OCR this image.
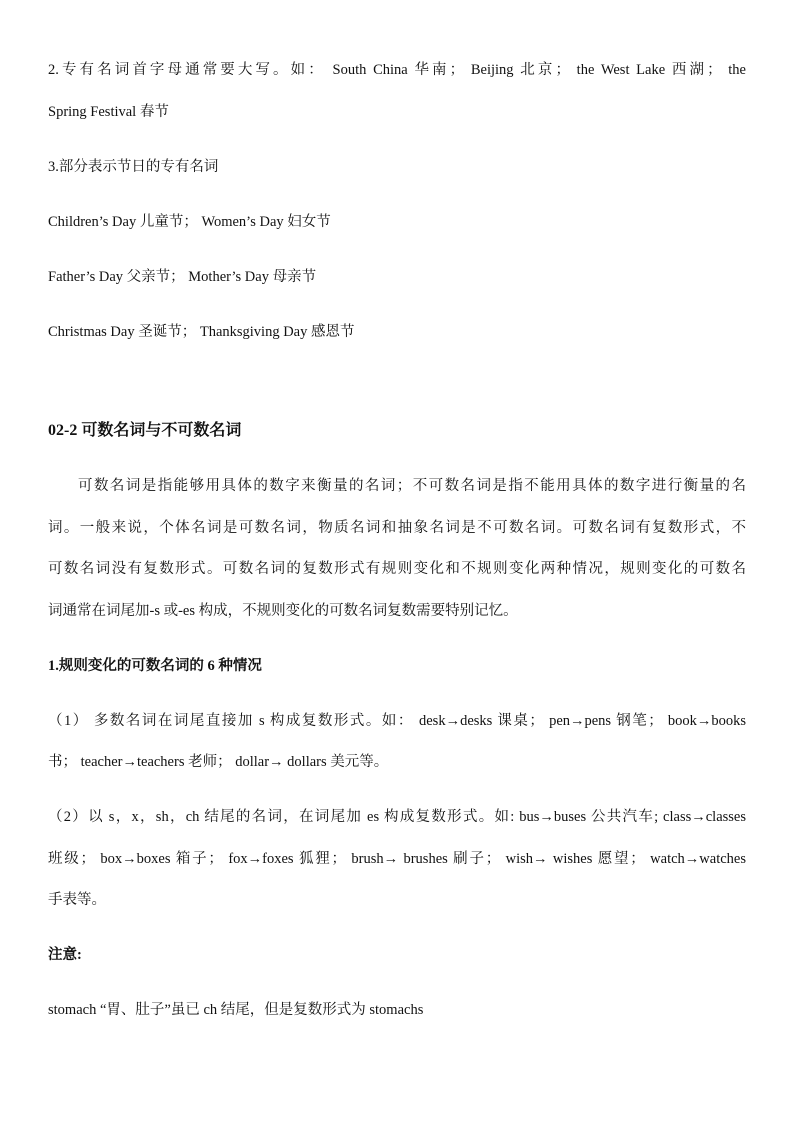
2.专有名词首字母通常要大写。如： South China 华南； Beijing 北京； the West Lake 西湖； the
Spring Festival 春节
3.部分表示节日的专有名词
Children’s Day 儿童节； Women’s Day 妇女节
Father’s Day 父亲节； Mother’s Day 母亲节
Christmas Day 圣诞节； Thanksgiving Day 感恩节
02-2 可数名词与不可数名词
可数名词是指能够用具体的数字来衡量的名词；不可数名词是指不能用具体的数字进行衡量的名
词。一般来说，个体名词是可数名词，物质名词和抽象名词是不可数名词。可数名词有复数形式，不
可数名词没有复数形式。可数名词的复数形式有规则变化和不规则变化两种情况，规则变化的可数名
词通常在词尾加-s 或-es 构成，不规则变化的可数名词复数需要特别记忆。
1.规则变化的可数名词的 6 种情况
（1） 多数名词在词尾直接加 s 构成复数形式。如： desk→desks 课桌； pen→pens 钢笔； book→books
书； teacher→teachers 老师； dollar→ dollars 美元等。
（2）以 s，x，sh，ch 结尾的名词，在词尾加 es 构成复数形式。如: bus→buses 公共汽车; class→classes
班级； box→boxes 箱子； fox→foxes 狐狸； brush→ brushes 刷子； wish→ wishes 愿望； watch→watches
手表等。
注意:
stomach “胃、肚子”虽已 ch 结尾，但是复数形式为 stomachs
